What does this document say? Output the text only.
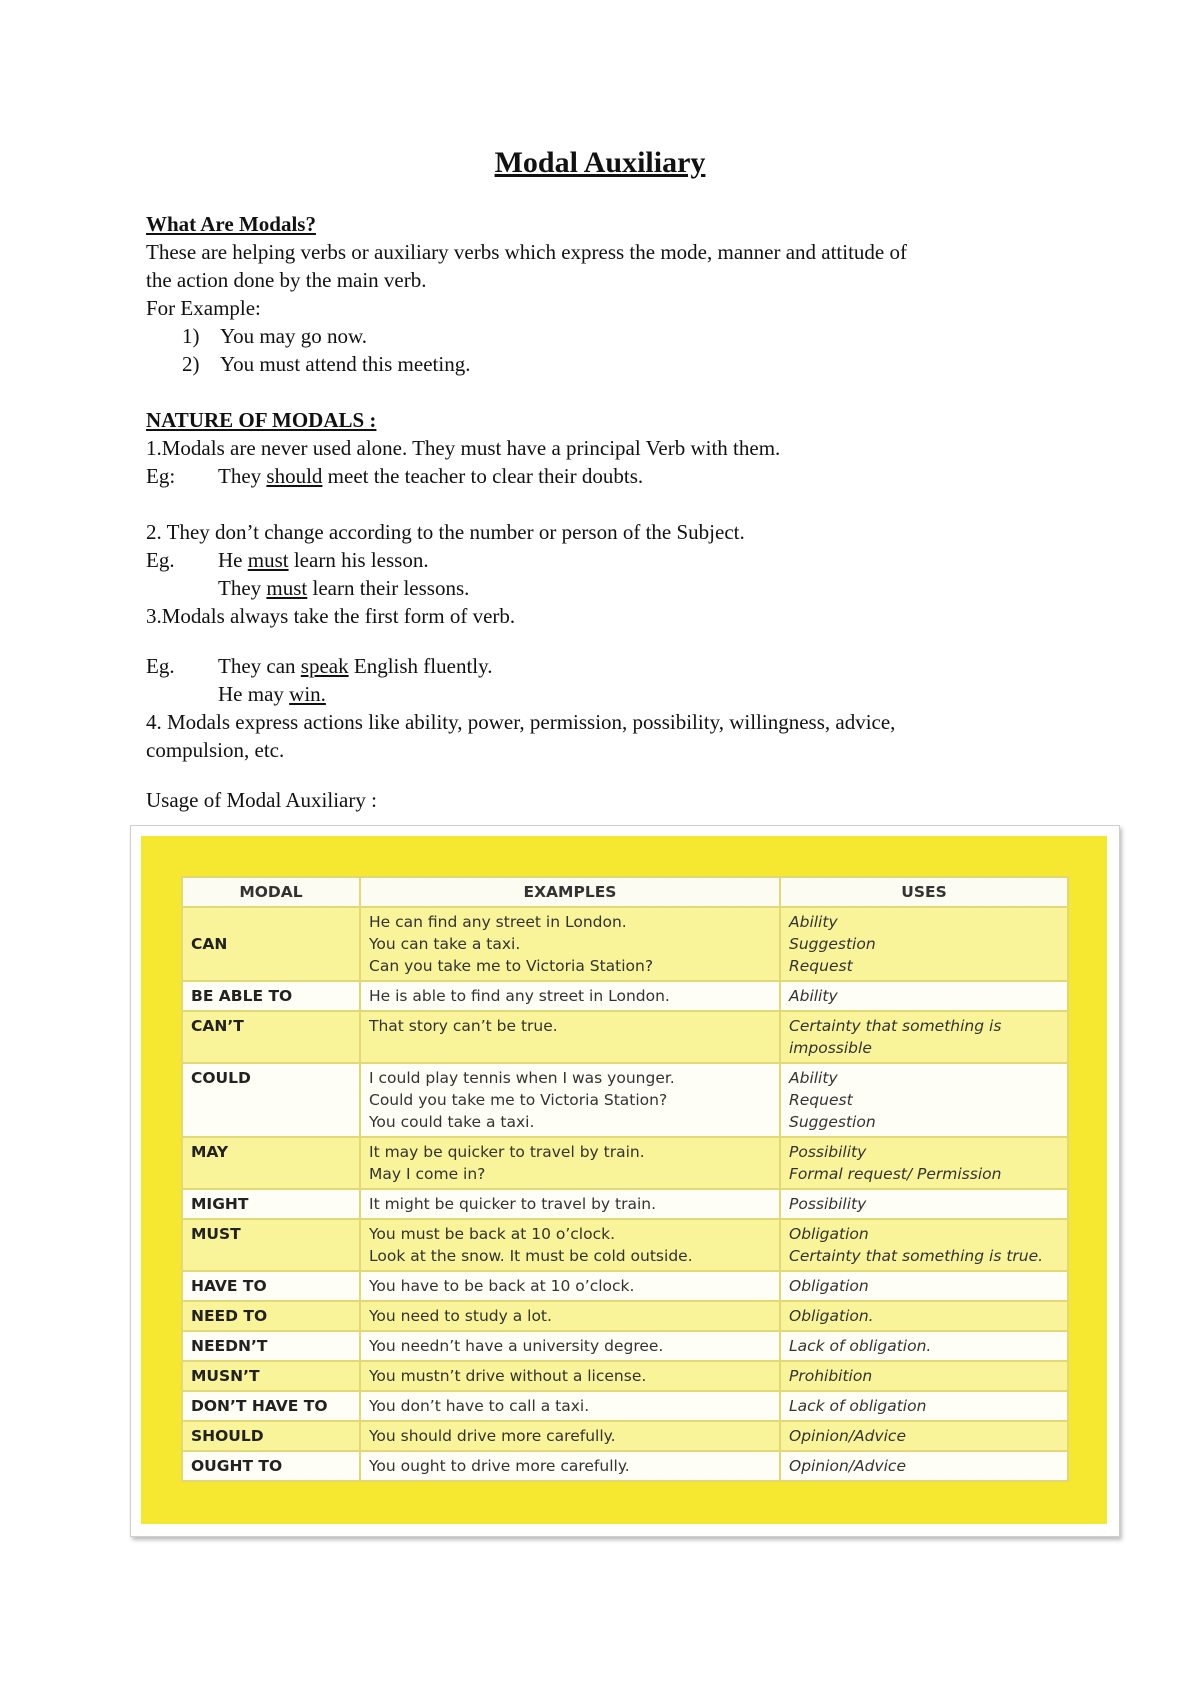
Modal Auxiliary
What Are Modals?
These are helping verbs or auxiliary verbs which express the mode, manner and attitude of
the action done by the main verb.
For Example:
1) You may go now.
2) You must attend this meeting.
NATURE OF MODALS :
1.Modals are never used alone. They must have a principal Verb with them.
Eg: They should meet the teacher to clear their doubts.
2. They don’t change according to the number or person of the Subject.
Eg. He must learn his lesson.
They must learn their lessons.
3.Modals always take the first form of verb.
Eg. They can speak English fluently.
He may win.
4. Modals express actions like ability, power, permission, possibility, willingness, advice,
compulsion, etc.
Usage of Modal Auxiliary :
MODAL	EXAMPLES	USES
CAN	He can find any street in London.
You can take a taxi.
Can you take me to Victoria Station?	Ability
Suggestion
Request

BE ABLE TO	He is able to find any street in London.	Ability

CAN’T	That story can’t be true.	Certainty that something is impossible

COULD	I could play tennis when I was younger.
Could you take me to Victoria Station?
You could take a taxi.	Ability
Request
Suggestion

MAY	It may be quicker to travel by train.
May I come in?	Possibility
Formal request/ Permission

MIGHT	It might be quicker to travel by train.	Possibility

MUST	You must be back at 10 o’clock.
Look at the snow. It must be cold outside.	Obligation
Certainty that something is true.

HAVE TO	You have to be back at 10 o’clock.	Obligation

NEED TO	You need to study a lot.	Obligation.

NEEDN’T	You needn’t have a university degree.	Lack of obligation.

MUSN’T	You mustn’t drive without a license.	Prohibition

DON’T HAVE TO	You don’t have to call a taxi.	Lack of obligation

SHOULD	You should drive more carefully.	Opinion/Advice

OUGHT TO	You ought to drive more carefully.	Opinion/Advice
